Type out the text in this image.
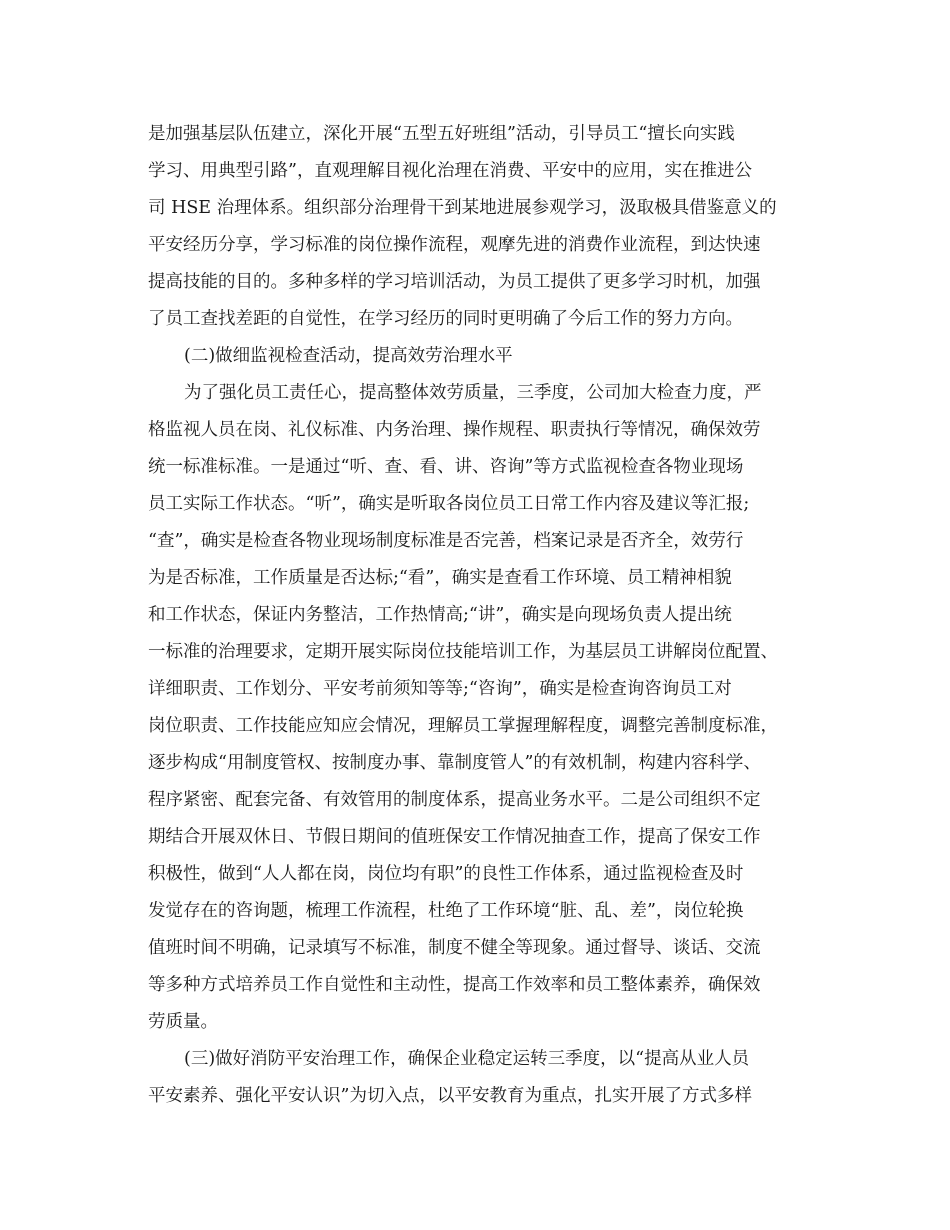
是加强基层队伍建立，深化开展“五型五好班组”活动，引导员工“擅长向实践
学习、用典型引路”，直观理解目视化治理在消费、平安中的应用，实在推进公
司 HSE 治理体系。组织部分治理骨干到某地进展参观学习，汲取极具借鉴意义的
平安经历分享，学习标准的岗位操作流程，观摩先进的消费作业流程，到达快速
提高技能的目的。多种多样的学习培训活动，为员工提供了更多学习时机，加强
了员工查找差距的自觉性，在学习经历的同时更明确了今后工作的努力方向。
(二)做细监视检查活动，提高效劳治理水平
为了强化员工责任心，提高整体效劳质量，三季度，公司加大检查力度，严
格监视人员在岗、礼仪标准、内务治理、操作规程、职责执行等情况，确保效劳
统一标准标准。一是通过“听、查、看、讲、咨询”等方式监视检查各物业现场
员工实际工作状态。“听”，确实是听取各岗位员工日常工作内容及建议等汇报;
“查”，确实是检查各物业现场制度标准是否完善，档案记录是否齐全，效劳行
为是否标准，工作质量是否达标;“看”，确实是查看工作环境、员工精神相貌
和工作状态，保证内务整洁，工作热情高;“讲”，确实是向现场负责人提出统
一标准的治理要求，定期开展实际岗位技能培训工作，为基层员工讲解岗位配置、
详细职责、工作划分、平安考前须知等等;“咨询”，确实是检查询咨询员工对
岗位职责、工作技能应知应会情况，理解员工掌握理解程度，调整完善制度标准，
逐步构成“用制度管权、按制度办事、靠制度管人”的有效机制，构建内容科学、
程序紧密、配套完备、有效管用的制度体系，提高业务水平。二是公司组织不定
期结合开展双休日、节假日期间的值班保安工作情况抽查工作，提高了保安工作
积极性，做到“人人都在岗，岗位均有职”的良性工作体系，通过监视检查及时
发觉存在的咨询题，梳理工作流程，杜绝了工作环境“脏、乱、差”，岗位轮换
值班时间不明确，记录填写不标准，制度不健全等现象。通过督导、谈话、交流
等多种方式培养员工作自觉性和主动性，提高工作效率和员工整体素养，确保效
劳质量。
(三)做好消防平安治理工作，确保企业稳定运转三季度，以“提高从业人员
平安素养、强化平安认识”为切入点，以平安教育为重点，扎实开展了方式多样
